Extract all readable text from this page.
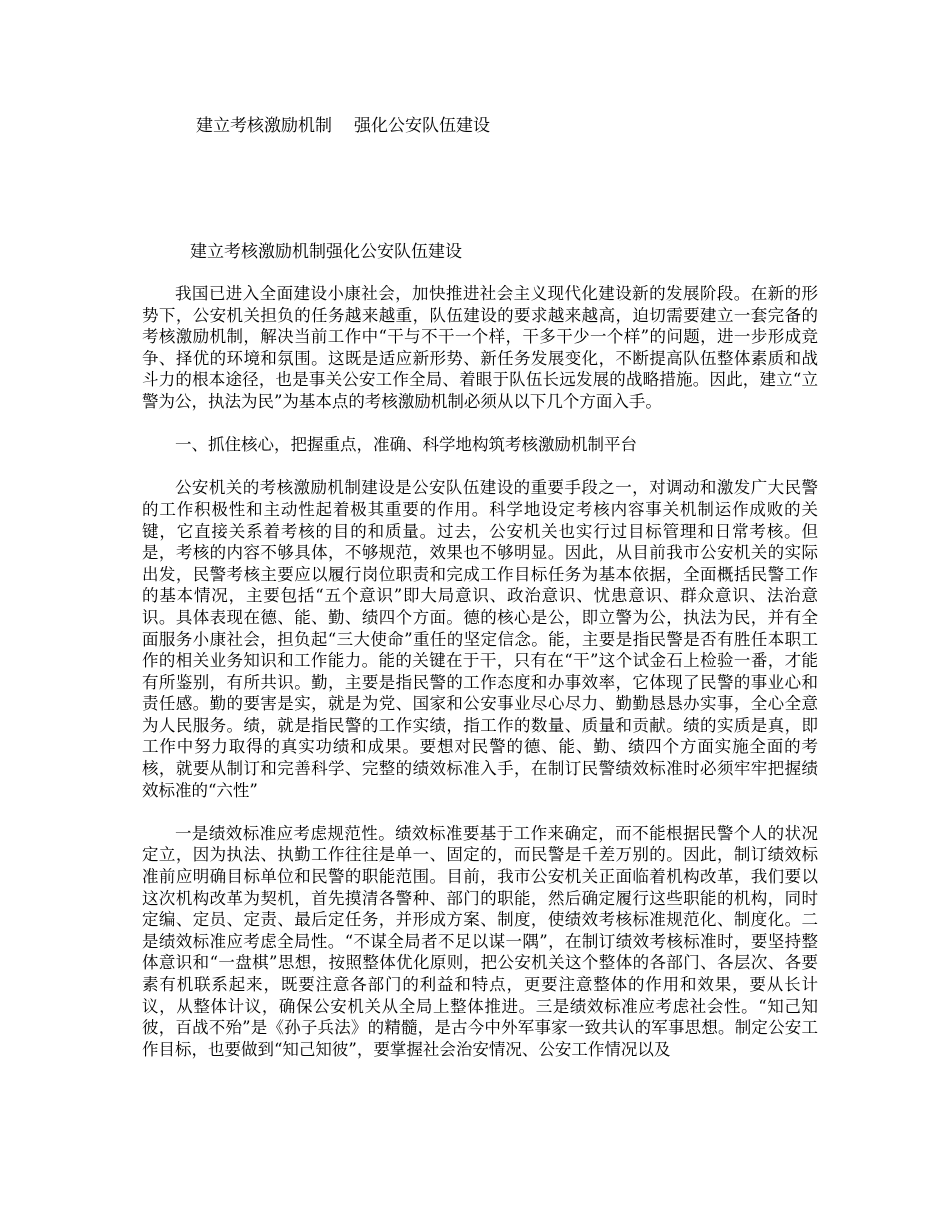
建立考核激励机制 强化公安队伍建设
建立考核激励机制强化公安队伍建设

我国已进入全面建设小康社会，加快推进社会主义现代化建设新的发展阶段。在新的形势下，公安机关担负的任务越来越重，队伍建设的要求越来越高，迫切需要建立一套完备的考核激励机制，解决当前工作中“干与不干一个样，干多干少一个样”的问题，进一步形成竞争、择优的环境和氛围。这既是适应新形势、新任务发展变化，不断提高队伍整体素质和战斗力的根本途径，也是事关公安工作全局、着眼于队伍长远发展的战略措施。因此，建立“立警为公，执法为民”为基本点的考核激励机制必须从以下几个方面入手。

一、抓住核心，把握重点，准确、科学地构筑考核激励机制平台

公安机关的考核激励机制建设是公安队伍建设的重要手段之一，对调动和激发广大民警的工作积极性和主动性起着极其重要的作用。科学地设定考核内容事关机制运作成败的关键，它直接关系着考核的目的和质量。过去，公安机关也实行过目标管理和日常考核。但是，考核的内容不够具体，不够规范，效果也不够明显。因此，从目前我市公安机关的实际出发，民警考核主要应以履行岗位职责和完成工作目标任务为基本依据，全面概括民警工作的基本情况，主要包括“五个意识”即大局意识、政治意识、忧患意识、群众意识、法治意识。具体表现在德、能、勤、绩四个方面。德的核心是公，即立警为公，执法为民，并有全面服务小康社会，担负起“三大使命”重任的坚定信念。能，主要是指民警是否有胜任本职工作的相关业务知识和工作能力。能的关键在于干，只有在“干”这个试金石上检验一番，才能有所鉴别，有所共识。勤，主要是指民警的工作态度和办事效率，它体现了民警的事业心和责任感。勤的要害是实，就是为党、国家和公安事业尽心尽力、勤勤恳恳办实事，全心全意为人民服务。绩，就是指民警的工作实绩，指工作的数量、质量和贡献。绩的实质是真，即工作中努力取得的真实功绩和成果。要想对民警的德、能、勤、绩四个方面实施全面的考核，就要从制订和完善科学、完整的绩效标准入手，在制订民警绩效标准时必须牢牢把握绩效标准的“六性”

一是绩效标准应考虑规范性。绩效标准要基于工作来确定，而不能根据民警个人的状况定立，因为执法、执勤工作往往是单一、固定的，而民警是千差万别的。因此，制订绩效标准前应明确目标单位和民警的职能范围。目前，我市公安机关正面临着机构改革，我们要以这次机构改革为契机，首先摸清各警种、部门的职能，然后确定履行这些职能的机构，同时定编、定员、定责、最后定任务，并形成方案、制度，使绩效考核标准规范化、制度化。二是绩效标准应考虑全局性。“不谋全局者不足以谋一隅”，在制订绩效考核标准时，要坚持整体意识和“一盘棋”思想，按照整体优化原则，把公安机关这个整体的各部门、各层次、各要素有机联系起来，既要注意各部门的利益和特点，更要注意整体的作用和效果，要从长计议，从整体计议，确保公安机关从全局上整体推进。三是绩效标准应考虑社会性。“知己知彼，百战不殆”是《孙子兵法》的精髓，是古今中外军事家一致共认的军事思想。制定公安工作目标，也要做到“知己知彼”，要掌握社会治安情况、公安工作情况以及
